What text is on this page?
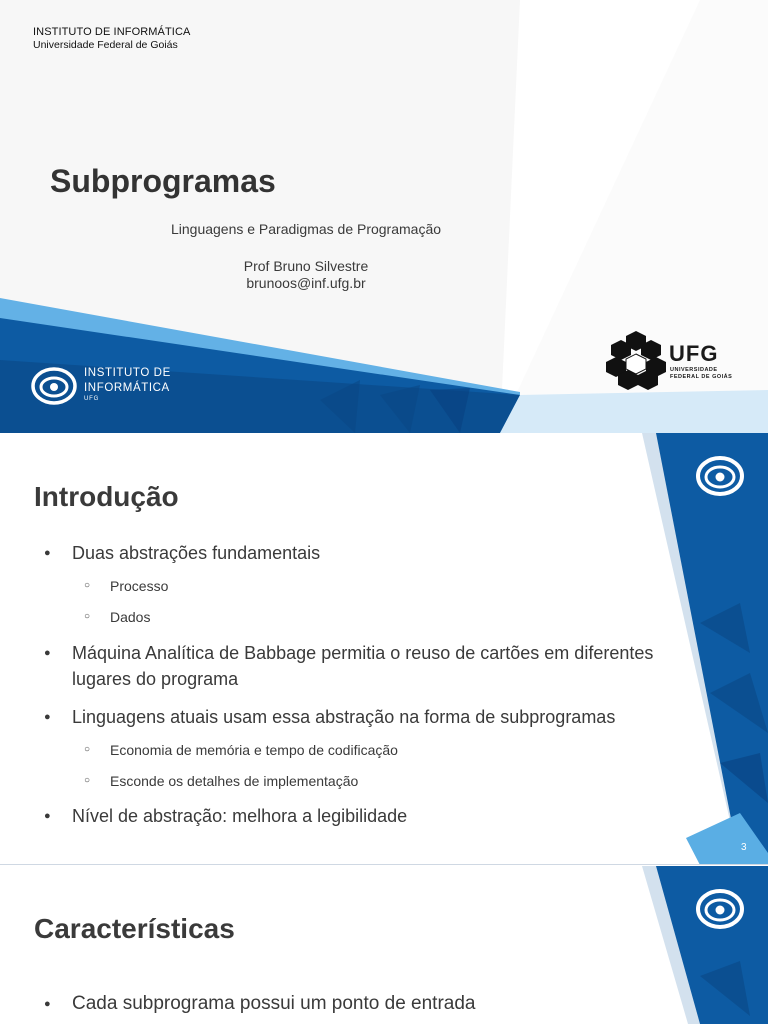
INSTITUTO DE INFORMÁTICA
Universidade Federal de Goiás
Subprogramas
Linguagens e Paradigmas de Programação
Prof Bruno Silvestre
brunoos@inf.ufg.br
INSTITUTO DE
INFORMÁTICA
UFG
UFG
UNIVERSIDADE
FEDERAL DE GOIÁS
Introdução
● Duas abstrações fundamentais
○ Processo
○ Dados
● Máquina Analítica de Babbage permitia o reuso de cartões em diferentes lugares do programa
● Linguagens atuais usam essa abstração na forma de subprogramas
○ Economia de memória e tempo de codificação
○ Esconde os detalhes de implementação
● Nível de abstração: melhora a legibilidade
3
Características
● Cada subprograma possui um ponto de entrada
